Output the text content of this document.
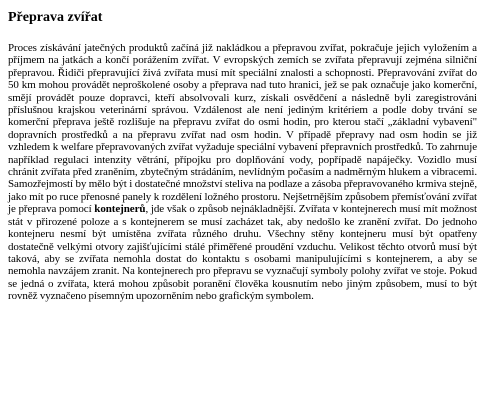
Přeprava zvířat

Proces získávání jatečných produktů začíná již nakládkou a přepravou zvířat, pokračuje jejich vyložením a příjmem na jatkách a končí porážením zvířat. V evropských zemích se zvířata přepravují zejména silniční přepravou. Řidiči přepravující živá zvířata musí mít speciální znalosti a schopnosti. Přepravování zvířat do 50 km mohou provádět neproškolené osoby a přeprava nad tuto hranici, jež se pak označuje jako komerční, smějí provádět pouze dopravci, kteří absolvovali kurz, získali osvědčení a následně byli zaregistrováni příslušnou krajskou veterinární správou. Vzdálenost ale není jediným kritériem a podle doby trvání se komerční přeprava ještě rozlišuje na přepravu zvířat do osmi hodin, pro kterou stačí „základní vybavení" dopravních prostředků a na přepravu zvířat nad osm hodin. V případě přepravy nad osm hodin se již vzhledem k welfare přepravovaných zvířat vyžaduje speciální vybavení přepravních prostředků. To zahrnuje například regulaci intenzity větrání, přípojku pro doplňování vody, popřípadě napáječky. Vozidlo musí chránit zvířata před zraněním, zbytečným strádáním, nevlídným počasím a nadměrným hlukem a vibracemi. Samozřejmostí by mělo být i dostatečné množství steliva na podlaze a zásoba přepravovaného krmiva stejně, jako mít po ruce přenosné panely k rozdělení ložného prostoru. Nejšetrnějším způsobem přemísťování zvířat je přeprava pomocí kontejnerů, jde však o způsob nejnákladnější. Zvířata v kontejnerech musí mít možnost stát v přirozené poloze a s kontejnerem se musí zacházet tak, aby nedošlo ke zranění zvířat. Do jednoho kontejneru nesmí být umístěna zvířata různého druhu. Všechny stěny kontejneru musí být opatřeny dostatečně velkými otvory zajišťujícími stálé přiměřené proudění vzduchu. Velikost těchto otvorů musí být taková, aby se zvířata nemohla dostat do kontaktu s osobami manipulujícími s kontejnerem, a aby se nemohla navzájem zranit. Na kontejnerech pro přepravu se vyznačují symboly polohy zvířat ve stoje. Pokud se jedná o zvířata, která mohou způsobit poranění člověka kousnutím nebo jiným způsobem, musí to být rovněž vyznačeno písemným upozorněním nebo grafickým symbolem.
